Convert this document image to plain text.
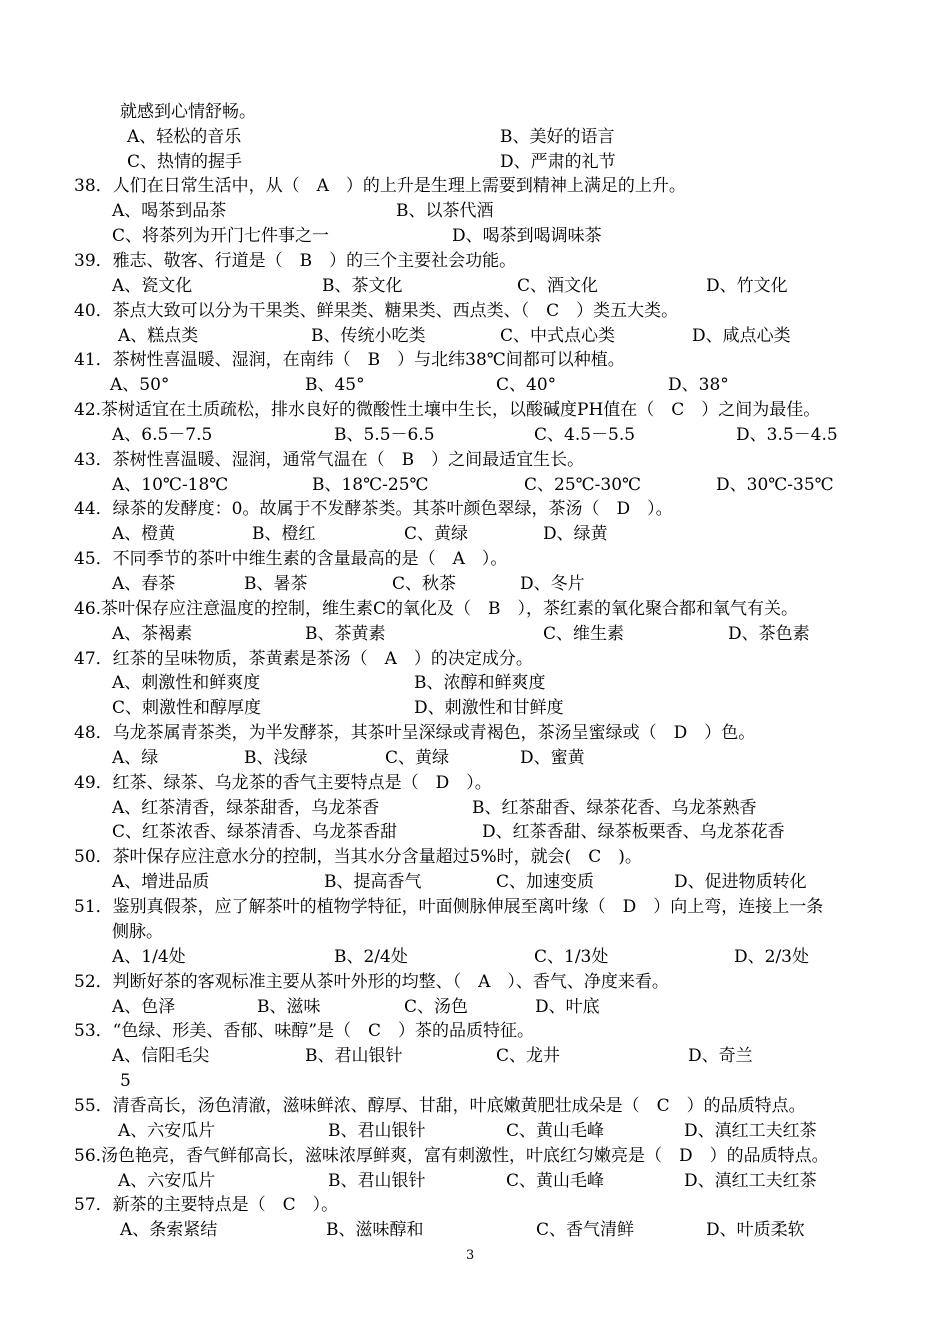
就感到心情舒畅。
A、轻松的音乐	B、美好的语言
C、热情的握手	D、严肃的礼节
38．人们在日常生活中，从（　A　）的上升是生理上需要到精神上满足的上升。
A、喝茶到品茶	B、以茶代酒
C、将茶列为开门七件事之一	D、喝茶到喝调味茶
39．雅志、敬客、行道是（　B　）的三个主要社会功能。
A、瓷文化	B、茶文化	C、酒文化	D、竹文化
40．茶点大致可以分为干果类、鲜果类、糖果类、西点类、（　C　）类五大类。
A、糕点类	B、传统小吃类	C、中式点心类	D、咸点心类
41．茶树性喜温暖、湿润，在南纬（　B　）与北纬38℃间都可以种植。
A、50°	B、45°	C、40°	D、38°
42.茶树适宜在土质疏松，排水良好的微酸性土壤中生长，以酸碱度PH值在（　C　）之间为最佳。
A、6.5－7.5	B、5.5－6.5	C、4.5－5.5	D、3.5－4.5
43．茶树性喜温暖、湿润，通常气温在（　B　）之间最适宜生长。
A、10℃-18℃	B、18℃-25℃	C、25℃-30℃	D、30℃-35℃
44．绿茶的发酵度：0。故属于不发酵茶类。其茶叶颜色翠绿，茶汤（　D　）。
A、橙黄	B、橙红	C、黄绿	D、绿黄
45．不同季节的茶叶中维生素的含量最高的是（　A　）。
A、春茶	B、暑茶	C、秋茶	D、冬片
46.茶叶保存应注意温度的控制，维生素C的氧化及（　B　），茶红素的氧化聚合都和氧气有关。
A、茶褐素	B、茶黄素	C、维生素	D、茶色素
47．红茶的呈味物质，茶黄素是茶汤（　A　）的决定成分。
A、刺激性和鲜爽度	B、浓醇和鲜爽度
C、刺激性和醇厚度	D、刺激性和甘鲜度
48．乌龙茶属青茶类，为半发酵茶，其茶叶呈深绿或青褐色，茶汤呈蜜绿或（　D　）色。
A、绿	B、浅绿	C、黄绿	D、蜜黄
49．红茶、绿茶、乌龙茶的香气主要特点是（　D　）。
A、红茶清香，绿茶甜香，乌龙茶香	B、红茶甜香、绿茶花香、乌龙茶熟香
C、红茶浓香、绿茶清香、乌龙茶香甜	D、红茶香甜、绿茶板栗香、乌龙茶花香
50．茶叶保存应注意水分的控制，当其水分含量超过5%时，就会(　C　)。
A、增进品质	B、提高香气	C、加速变质	D、促进物质转化
51．鉴别真假茶，应了解茶叶的植物学特征，叶面侧脉伸展至离叶缘（　D　）向上弯，连接上一条
侧脉。
A、1/4处	B、2/4处	C、1/3处	D、2/3处
52．判断好茶的客观标准主要从茶叶外形的均整、（　A　）、香气、净度来看。
A、色泽	B、滋味	C、汤色	D、叶底
53．“色绿、形美、香郁、味醇”是（　C　）茶的品质特征。
A、信阳毛尖	B、君山银针	C、龙井	D、奇兰
5
55．清香高长，汤色清澈，滋味鲜浓、醇厚、甘甜，叶底嫩黄肥壮成朵是（　C　）的品质特点。
A、六安瓜片	B、君山银针	C、黄山毛峰	D、滇红工夫红茶
56.汤色艳亮，香气鲜郁高长，滋味浓厚鲜爽，富有刺激性，叶底红匀嫩亮是（　D　）的品质特点。
A、六安瓜片	B、君山银针	C、黄山毛峰	D、滇红工夫红茶
57．新茶的主要特点是（　C　）。
A、条索紧结	B、滋味醇和	C、香气清鲜	D、叶质柔软
3
